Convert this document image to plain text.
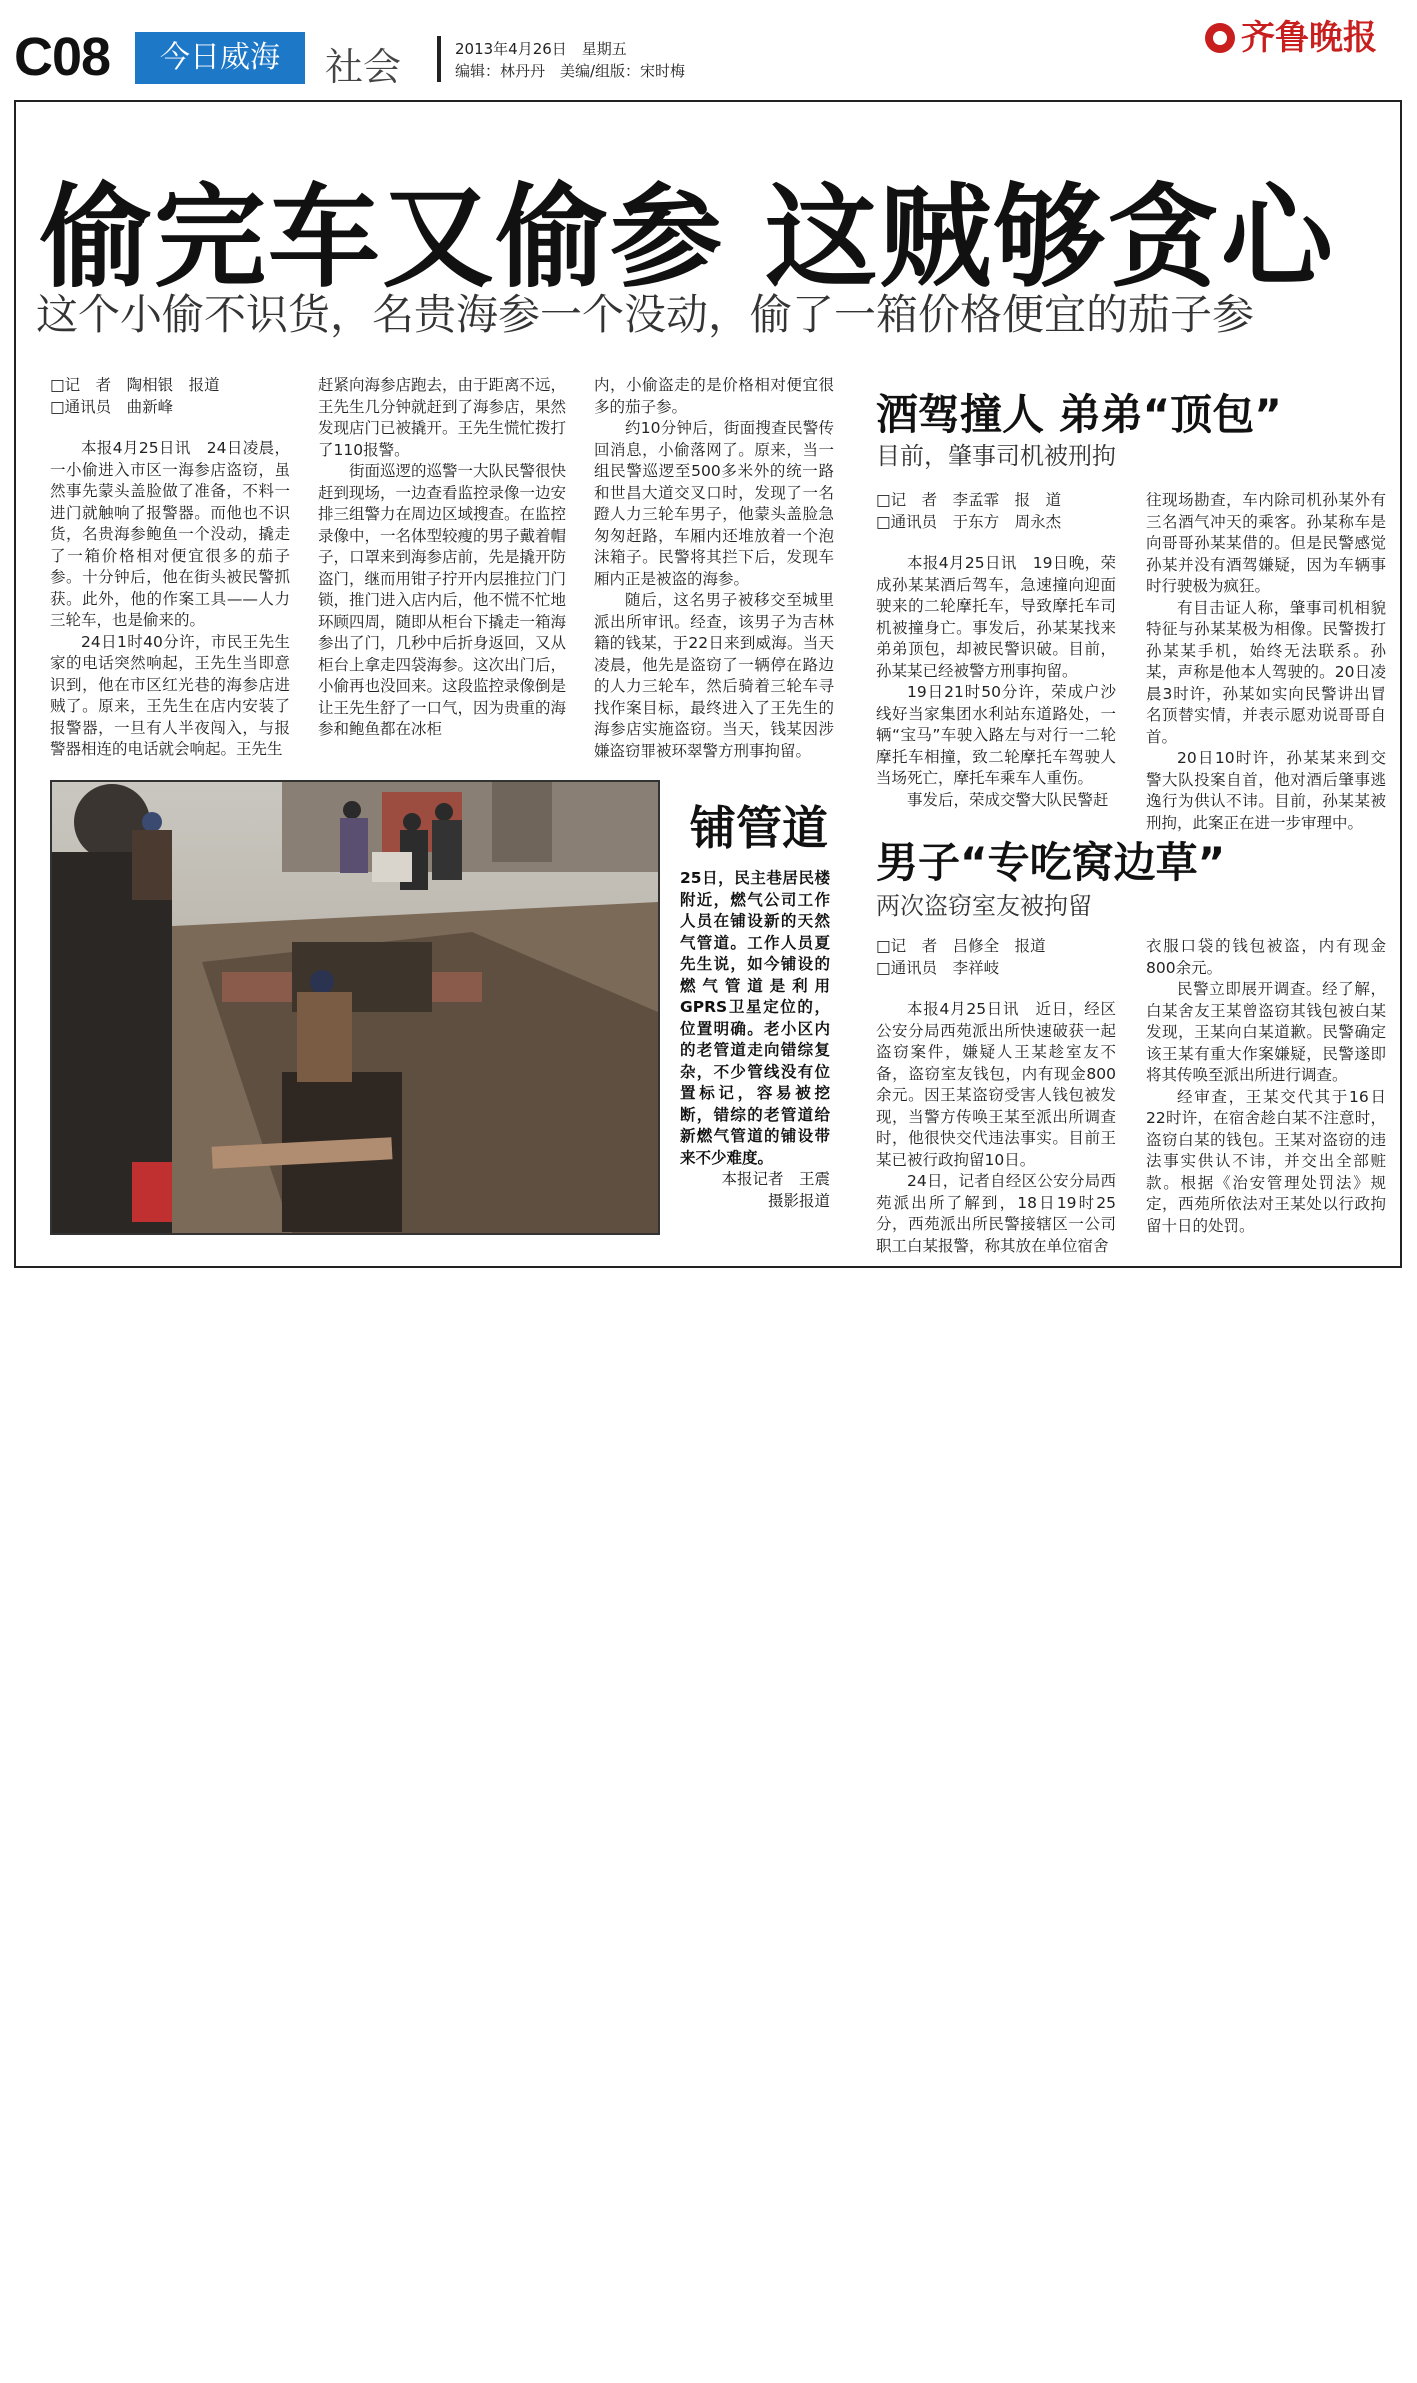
C08	今日威海	社会	2013年4月26日　星期五
编辑：林丹丹　美编/组版：宋时梅
齐鲁晚报
偷完车又偷参 这贼够贪心
这个小偷不识货，名贵海参一个没动，偷了一箱价格便宜的茄子参

□记　者　陶相银　报道

□通讯员　曲新峰

本报4月25日讯　24日凌晨，一小偷进入市区一海参店盗窃，虽然事先蒙头盖脸做了准备，不料一进门就触响了报警器。而他也不识货，名贵海参鲍鱼一个没动，撬走了一箱价格相对便宜很多的茄子参。十分钟后，他在街头被民警抓获。此外，他的作案工具——人力三轮车，也是偷来的。

24日1时40分许，市民王先生家的电话突然响起，王先生当即意识到，他在市区红光巷的海参店进贼了。原来，王先生在店内安装了报警器，一旦有人半夜闯入，与报警器相连的电话就会响起。王先生

赶紧向海参店跑去，由于距离不远，王先生几分钟就赶到了海参店，果然发现店门已被撬开。王先生慌忙拨打了110报警。

街面巡逻的巡警一大队民警很快赶到现场，一边查看监控录像一边安排三组警力在周边区域搜查。在监控录像中，一名体型较瘦的男子戴着帽子，口罩来到海参店前，先是撬开防盗门，继而用钳子拧开内层推拉门门锁，推门进入店内后，他不慌不忙地环顾四周，随即从柜台下撬走一箱海参出了门，几秒中后折身返回，又从柜台上拿走四袋海参。这次出门后，小偷再也没回来。这段监控录像倒是让王先生舒了一口气，因为贵重的海参和鲍鱼都在冰柜

内，小偷盗走的是价格相对便宜很多的茄子参。

约10分钟后，街面搜查民警传回消息，小偷落网了。原来，当一组民警巡逻至500多米外的统一路和世昌大道交叉口时，发现了一名蹬人力三轮车男子，他蒙头盖脸急匆匆赶路，车厢内还堆放着一个泡沫箱子。民警将其拦下后，发现车厢内正是被盗的海参。

随后，这名男子被移交至城里派出所审讯。经查，该男子为吉林籍的钱某，于22日来到威海。当天凌晨，他先是盗窃了一辆停在路边的人力三轮车，然后骑着三轮车寻找作案目标，最终进入了王先生的海参店实施盗窃。当天，钱某因涉嫌盗窃罪被环翠警方刑事拘留。

铺管道
25日，民主巷居民楼附近，燃气公司工作人员在铺设新的天然气管道。工作人员夏先生说，如今铺设的燃气管道是利用GPRS卫星定位的，位置明确。老小区内的老管道走向错综复杂，不少管线没有位置标记，容易被挖断，错综的老管道给新燃气管道的铺设带来不少难度。
本报记者　王震
摄影报道
酒驾撞人 弟弟“顶包”
目前，肇事司机被刑拘

□记　者　李孟霏　报　道

□通讯员　于东方　周永杰

本报4月25日讯　19日晚，荣成孙某某酒后驾车，急速撞向迎面驶来的二轮摩托车，导致摩托车司机被撞身亡。事发后，孙某某找来弟弟顶包，却被民警识破。目前，孙某某已经被警方刑事拘留。

19日21时50分许，荣成户沙线好当家集团水利站东道路处，一辆“宝马”车驶入路左与对行一二轮摩托车相撞，致二轮摩托车驾驶人当场死亡，摩托车乘车人重伤。

事发后，荣成交警大队民警赶

往现场勘查，车内除司机孙某外有三名酒气冲天的乘客。孙某称车是向哥哥孙某某借的。但是民警感觉孙某并没有酒驾嫌疑，因为车辆事时行驶极为疯狂。

有目击证人称，肇事司机相貌特征与孙某某极为相像。民警拨打孙某某手机，始终无法联系。孙某，声称是他本人驾驶的。20日凌晨3时许，孙某如实向民警讲出冒名顶替实情，并表示愿劝说哥哥自首。

20日10时许，孙某某来到交警大队投案自首，他对酒后肇事逃逸行为供认不讳。目前，孙某某被刑拘，此案正在进一步审理中。

男子“专吃窝边草”
两次盗窃室友被拘留

□记　者　吕修全　报道

□通讯员　李祥岐

本报4月25日讯　近日，经区公安分局西苑派出所快速破获一起盗窃案件，嫌疑人王某趁室友不备，盗窃室友钱包，内有现金800余元。因王某盗窃受害人钱包被发现，当警方传唤王某至派出所调查时，他很快交代违法事实。目前王某已被行政拘留10日。

24日，记者自经区公安分局西苑派出所了解到，18日19时25分，西苑派出所民警接辖区一公司职工白某报警，称其放在单位宿舍

衣服口袋的钱包被盗，内有现金800余元。

民警立即展开调查。经了解，白某舍友王某曾盗窃其钱包被白某发现，王某向白某道歉。民警确定该王某有重大作案嫌疑，民警遂即将其传唤至派出所进行调查。

经审查，王某交代其于16日22时许，在宿舍趁白某不注意时，盗窃白某的钱包。王某对盗窃的违法事实供认不讳，并交出全部赃款。根据《治安管理处罚法》规定，西苑所依法对王某处以行政拘留十日的处罚。
